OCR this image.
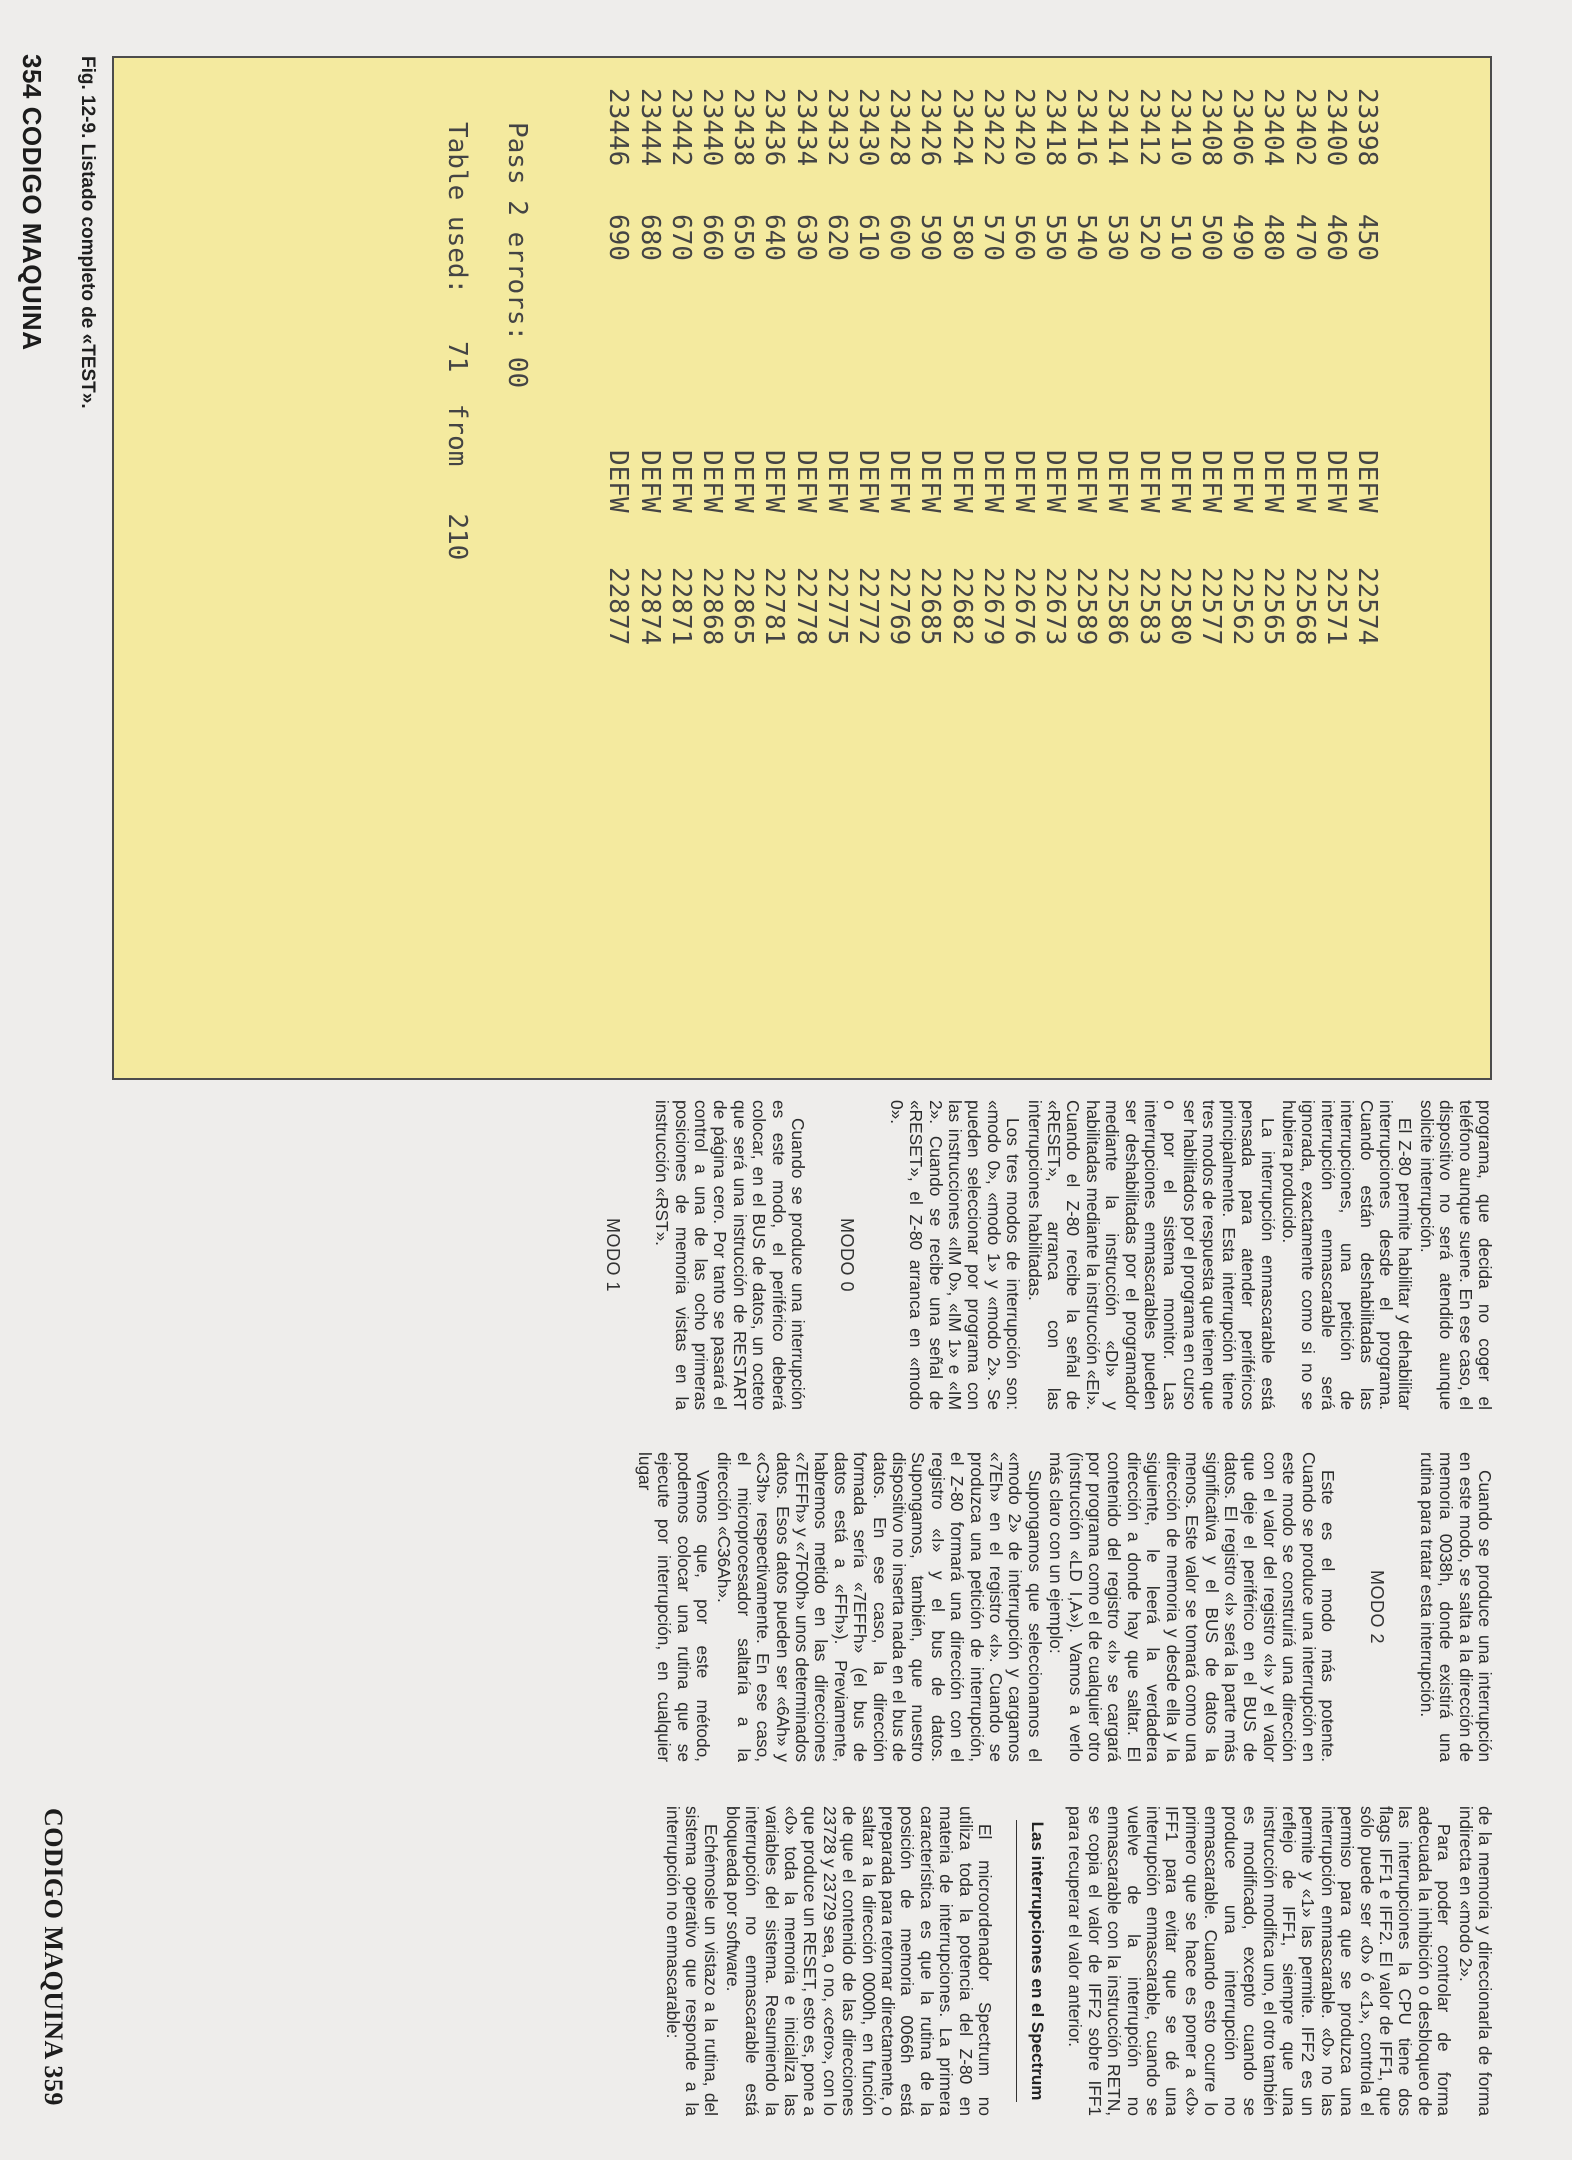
23398
450
DEFW
22574
23400
460
DEFW
22571
23402
470
DEFW
22568
23404
480
DEFW
22565
23406
490
DEFW
22562
23408
500
DEFW
22577
23410
510
DEFW
22580
23412
520
DEFW
22583
23414
530
DEFW
22586
23416
540
DEFW
22589
23418
550
DEFW
22673
23420
560
DEFW
22676
23422
570
DEFW
22679
23424
580
DEFW
22682
23426
590
DEFW
22685
23428
600
DEFW
22769
23430
610
DEFW
22772
23432
620
DEFW
22775
23434
630
DEFW
22778
23436
640
DEFW
22781
23438
650
DEFW
22865
23440
660
DEFW
22868
23442
670
DEFW
22871
23444
680
DEFW
22874
23446
690
DEFW
22877
Pass 2 errors: 00
Table used:   71  from   210
Fig. 12-9. Listado completo de «TEST».
354 CODIGO MAQUINA

programa, que decida no coger el teléfono aunque suene. En ese caso, el dispositivo no será atendido aunque solicite interrupción.

El Z-80 permite habilitar y dehabilitar interrupciones desde el programa. Cuando están deshabilitadas las interrupciones, una petición de interrupción enmascarable será ignorada, exactamente como si no se hubiera producido.

La interrupción enmascarable está pensada para atender periféricos principalmente. Esta interrupción tiene tres modos de respuesta que tienen que ser habilitados por el programa en curso o por el sistema monitor. Las interrupciones enmascarables pueden ser deshabilitadas por el programador mediante la instrucción «DI» y habilitadas mediante la instrucción «EI». Cuando el Z-80 recibe la señal de «RESET», arranca con las interrupciones habilitadas.

Los tres modos de interrupción son: «modo 0», «modo 1» y «modo 2». Se pueden seleccionar por programa con las instrucciones «IM 0», «IM 1» e «IM 2». Cuando se recibe una señal de «RESET», el Z-80 arranca en «modo 0».

MODO 0

Cuando se produce una interrupción es este modo, el periférico deberá colocar, en el BUS de datos, un octeto que será una instrucción de RESTART de página cero. Por tanto se pasará el control a una de las ocho primeras posiciones de memoria vistas en la instrucción «RST».

MODO 1

Cuando se produce una interrupción en este modo, se salta a la dirección de memoria 0038h, donde existirá una rutina para tratar esta interrupción.

MODO 2

Este es el modo más potente. Cuando se produce una interrupción en este modo se construirá una dirección con el valor del registro «I» y el valor que deje el periférico en el BUS de datos. El registro «I» será la parte más significativa y el BUS de datos la menos. Este valor se tomará como una dirección de memoria y desde ella y la siguiente, le leerá la verdadera dirección a donde hay que saltar. El contenido del registro «I» se cargará por programa como el de cualquier otro (instrucción «LD I,A»). Vamos a verlo más claro con un ejemplo:

Supongamos que seleccionamos el «modo 2» de interrupción y cargamos «7Eh» en el registro «I». Cuando se produzca una petición de interrupción, el Z-80 formará una dirección con el registro «I» y el bus de datos. Supongamos, también, que nuestro dispositivo no inserta nada en el bus de datos. En ese caso, la dirección formada sería «7EFFh» (el bus de datos está a «FFh»). Previamente, habremos metido en las direcciones «7EFFh» y «7F00h» unos determinados datos. Esos datos pueden ser «6Ah» y «C3h» respectivamente. En ese caso, el microprocesador saltaría a la dirección «C36Ah».

Vemos que, por este método, podemos colocar una rutina que se ejecute por interrupción, en cualquier lugar

de la memoria y direccionarla de forma indirecta en «modo 2».

Para poder controlar de forma adecuada la inhibición o desbloqueo de las interrupciones la CPU tiene dos flags IFF1 e IFF2. El valor de IFF1, que sólo puede ser «0» ó «1», controla el permiso para que se produzca una interrupción enmascarable. «0» no las permite y «1» las permite. IFF2 es un reflejo de IFF1, siempre que una instrucción modifica uno, el otro también es modificado, excepto cuando se produce una interrupción no enmascarable. Cuando esto ocurre lo primero que se hace es poner a «0» IFF1 para evitar que se dé una interrupción enmascarable, cuando se vuelve de la interrupción no enmascarable con la instrucción RETN, se copia el valor de IFF2 sobre IFF1 para recuperar el valor anterior.

Las interrupciones en el Spectrum

El microordenador Spectrum no utiliza toda la potencia del Z-80 en materia de interrupciones. La primera característica es que la rutina de la posición de memoria 0066h está preparada para retornar directamente, o saltar a la dirección 0000h, en función de que el contenido de las direcciones 23728 y 23729 sea, o no, «cero», con lo que produce un RESET, esto es, pone a «0» toda la memoria e inicializa las variables del sistema. Resumiendo la interrupción no enmascarable está bloqueada por software.

Echémosle un vistazo a la rutina, del sistema operativo que responde a la interrupción no enmascarable:

CODIGO MAQUINA 359
